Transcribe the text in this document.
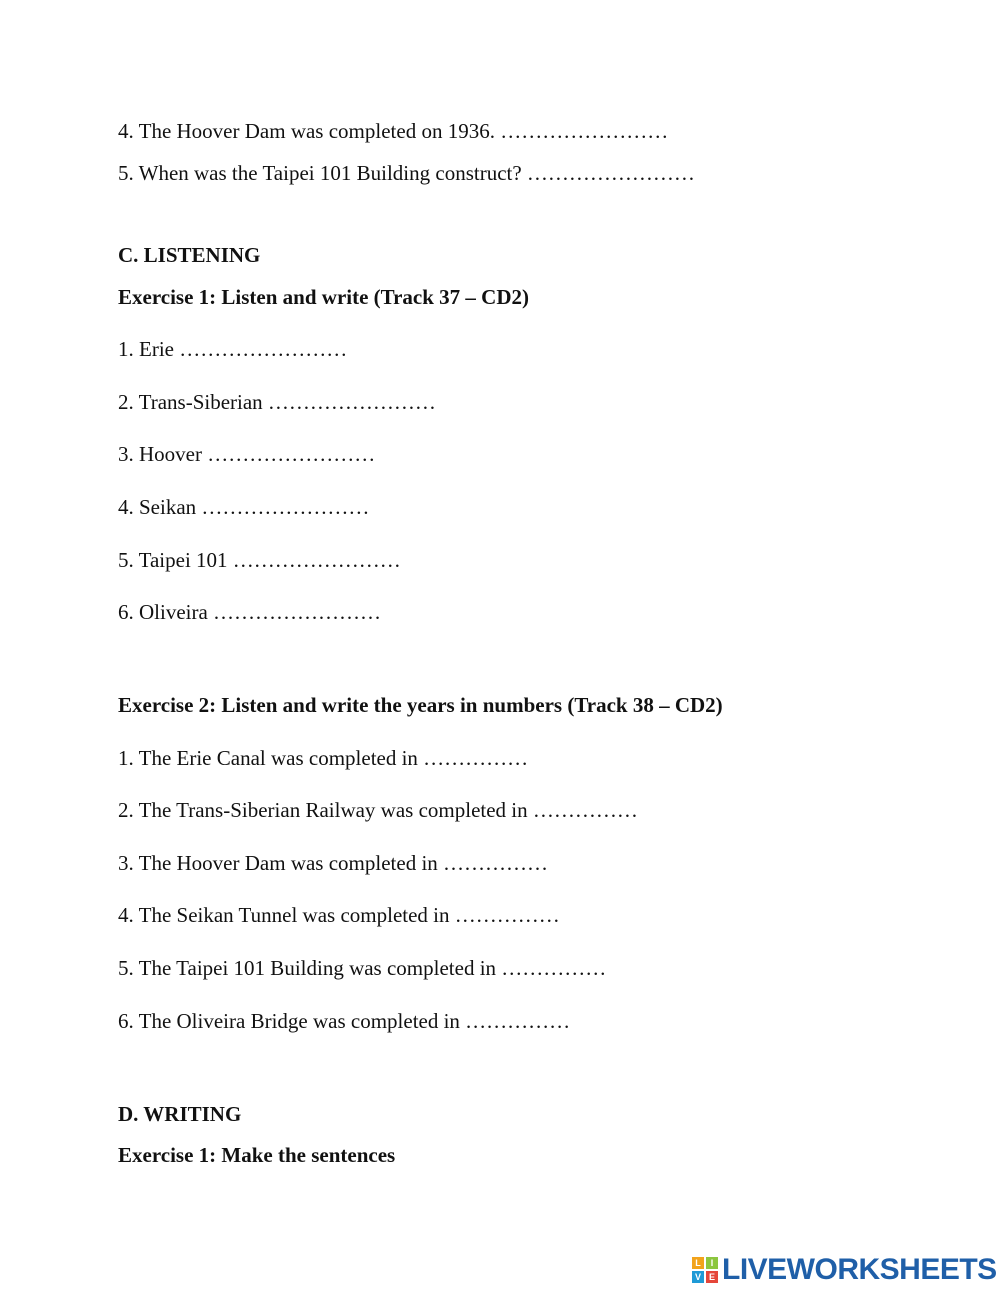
4. The Hoover Dam was completed on 1936. ……………………
5. When was the Taipei 101 Building construct? ……………………
C. LISTENING
Exercise 1: Listen and write (Track 37 – CD2)
1. Erie ……………………
2. Trans-Siberian ……………………
3. Hoover ……………………
4. Seikan ……………………
5. Taipei 101 ……………………
6. Oliveira ……………………
Exercise 2: Listen and write the years in numbers (Track 38 – CD2)
1. The Erie Canal was completed in ……………
2. The Trans-Siberian Railway was completed in ……………
3. The Hoover Dam was completed in ……………
4. The Seikan Tunnel was completed in ……………
5. The Taipei 101 Building was completed in ……………
6. The Oliveira Bridge was completed in ……………
D. WRITING
Exercise 1: Make the sentences
L	I
V E LIVEWORKSHEETS
